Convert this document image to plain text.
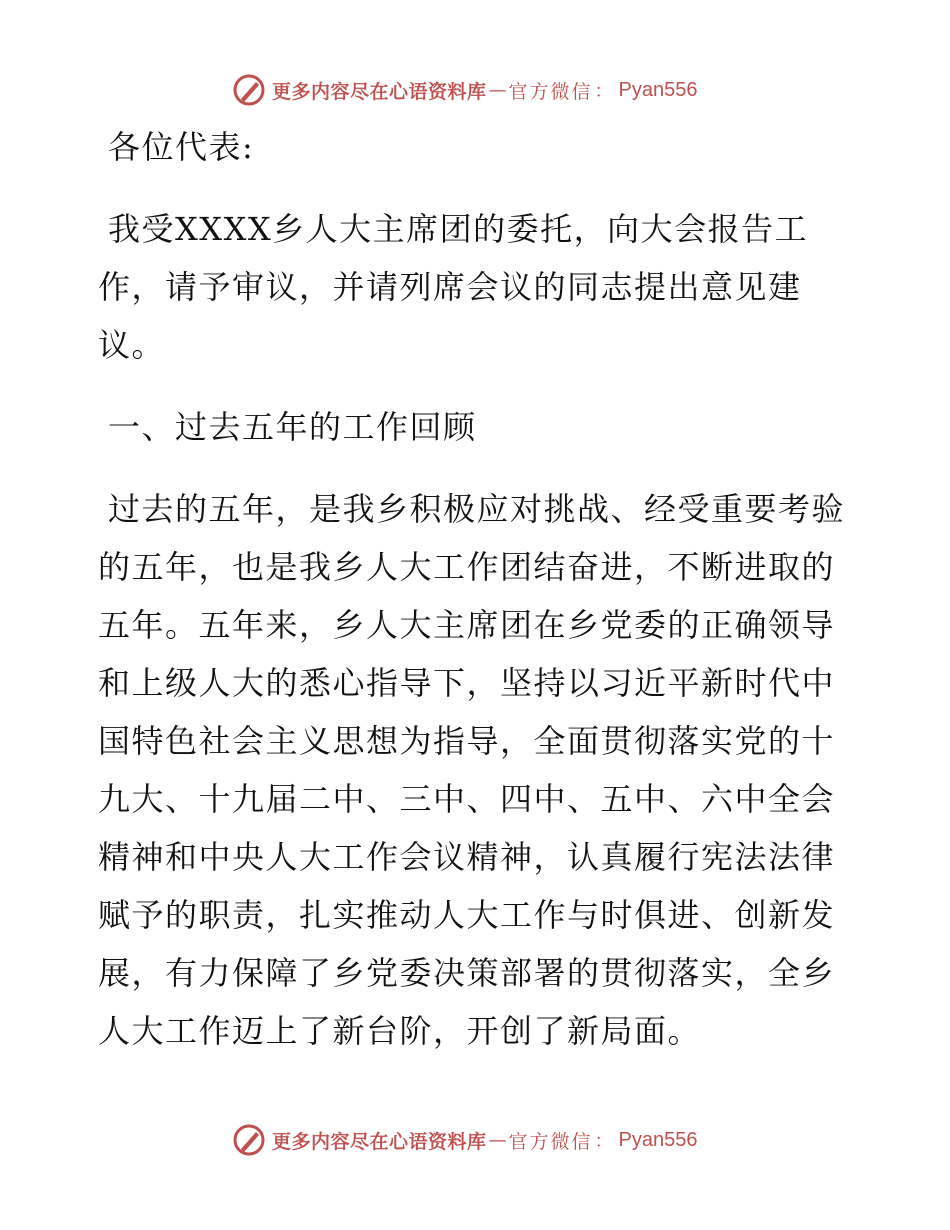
更多内容尽在心语资料库 — 官方微信 ： Pyan556

各位代表:

我受XXXX乡人大主席团的委托，向大会报告工作，请予审议，并请列席会议的同志提出意见建议。

一、过去五年的工作回顾

过去的五年，是我乡积极应对挑战、经受重要考验的五年，也是我乡人大工作团结奋进，不断进取的五年。五年来，乡人大主席团在乡党委的正确领导和上级人大的悉心指导下，坚持以习近平新时代中国特色社会主义思想为指导，全面贯彻落实党的十九大、十九届二中、三中、四中、五中、六中全会精神和中央人大工作会议精神，认真履行宪法法律赋予的职责，扎实推动人大工作与时俱进、创新发展，有力保障了乡党委决策部署的贯彻落实，全乡人大工作迈上了新台阶，开创了新局面。

更多内容尽在心语资料库 — 官方微信 ： Pyan556
